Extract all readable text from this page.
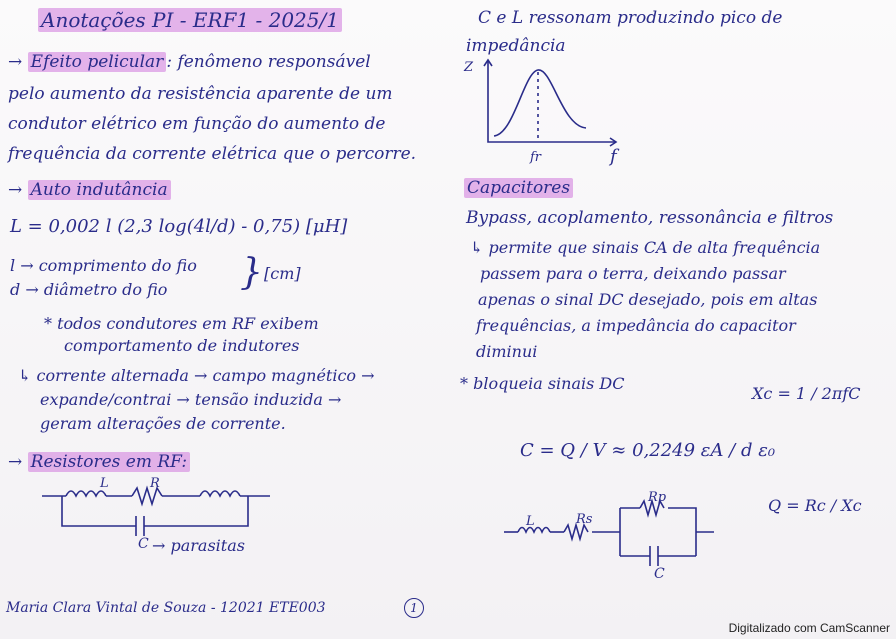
Anotações PI - ERF1 - 2025/1
→ Efeito pelicular : fenômeno responsável
pelo aumento da resistência aparente de um
condutor elétrico em função do aumento de
frequência da corrente elétrica que o percorre.
→ Auto indutância
L = 0,002 l (2,3 log(4l/d) - 0,75) [μH]
l → comprimento do fio
d → diâmetro do fio } [cm]
* todos condutores em RF exibem
comportamento de indutores
↳ corrente alternada → campo magnético →
expande/contrai → tensão induzida →
geram alterações de corrente.
→ Resistores em RF:
L	R
C → parasitas
Maria Clara Vintal de Souza - 12021 ETE003	1
C e L ressonam produzindo pico de
impedância
Z
f
fr
Capacitores
Bypass, acoplamento, ressonância e filtros
↳ permite que sinais CA de alta frequência
passem para o terra, deixando passar
apenas o sinal DC desejado, pois em altas
frequências, a impedância do capacitor
diminui
* bloqueia sinais DC
Xc = 1 / 2πfC
C = Q / V ≈ 0,2249 εA / d ε₀
L	Rs
Rp
C
Q = Rc / Xc
Digitalizado com CamScanner
